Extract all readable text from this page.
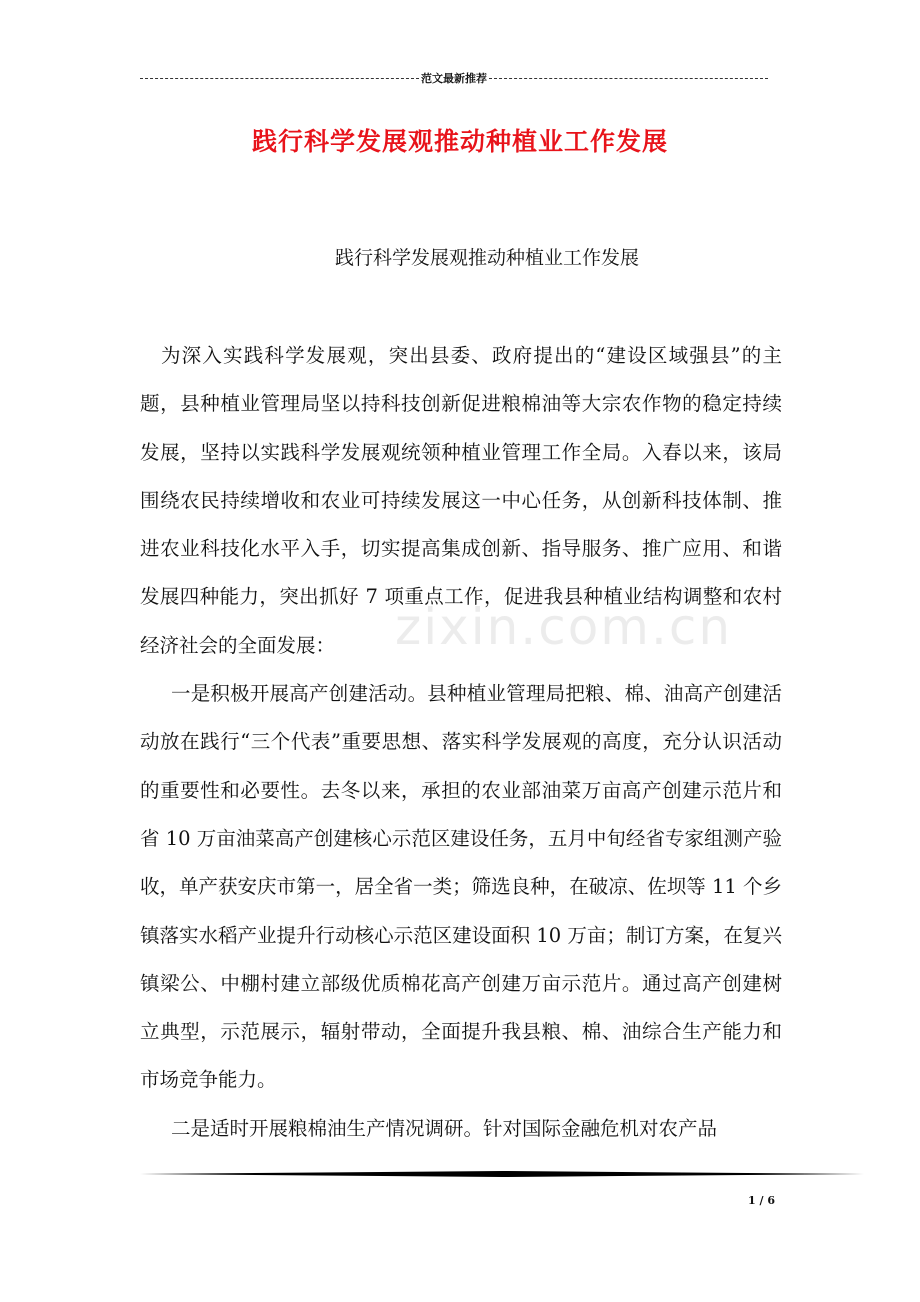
范文最新推荐
践行科学发展观推动种植业工作发展
践行科学发展观推动种植业工作发展
zixin.com.cn

为深入实践科学发展观，突出县委、政府提出的“建设区域强县”的主题，县种植业管理局坚以持科技创新促进粮棉油等大宗农作物的稳定持续发展，坚持以实践科学发展观统领种植业管理工作全局。入春以来，该局围绕农民持续增收和农业可持续发展这一中心任务，从创新科技体制、推进农业科技化水平入手，切实提高集成创新、指导服务、推广应用、和谐发展四种能力，突出抓好 7 项重点工作，促进我县种植业结构调整和农村经济社会的全面发展：

一是积极开展高产创建活动。县种植业管理局把粮、棉、油高产创建活动放在践行“三个代表”重要思想、落实科学发展观的高度，充分认识活动的重要性和必要性。去冬以来，承担的农业部油菜万亩高产创建示范片和省 10 万亩油菜高产创建核心示范区建设任务，五月中旬经省专家组测产验收，单产获安庆市第一，居全省一类；筛选良种，在破凉、佐坝等 11 个乡镇落实水稻产业提升行动核心示范区建设面积 10 万亩；制订方案，在复兴镇梁公、中棚村建立部级优质棉花高产创建万亩示范片。通过高产创建树立典型，示范展示，辐射带动，全面提升我县粮、棉、油综合生产能力和市场竞争能力。

二是适时开展粮棉油生产情况调研。针对国际金融危机对农产品

1 / 6
